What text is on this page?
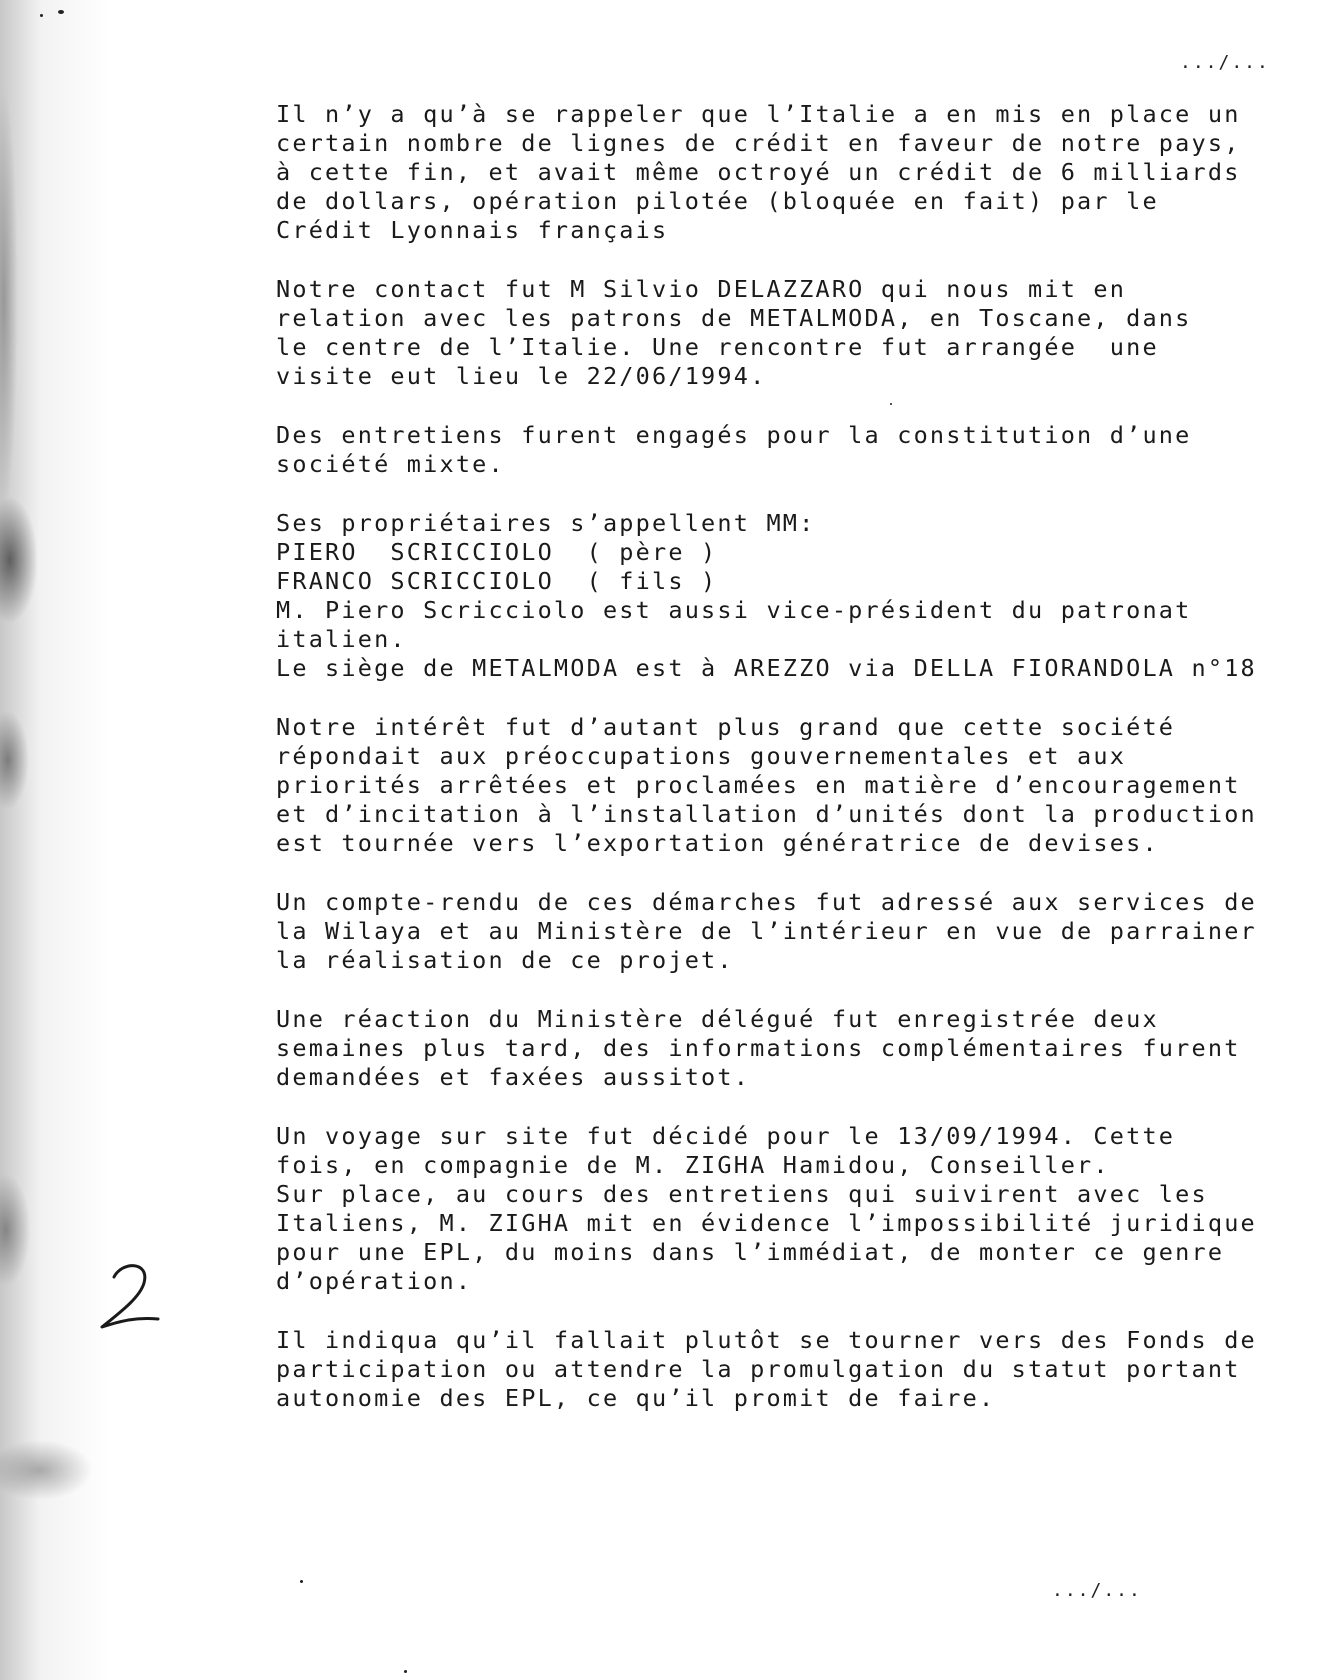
.../...
Il n’y a qu’à se rappeler que l’Italie a en mis en place un
certain nombre de lignes de crédit en faveur de notre pays,
à cette fin, et avait même octroyé un crédit de 6 milliards
de dollars, opération pilotée (bloquée en fait) par le
Crédit Lyonnais français
Notre contact fut M Silvio DELAZZARO qui nous mit en
relation avec les patrons de METALMODA, en Toscane, dans
le centre de l’Italie. Une rencontre fut arrangée  une
visite eut lieu le 22/06/1994.
Des entretiens furent engagés pour la constitution d’une
société mixte.
Ses propriétaires s’appellent MM:
PIERO  SCRICCIOLO  ( père )
FRANCO SCRICCIOLO  ( fils )
M. Piero Scricciolo est aussi vice-président du patronat
italien.
Le siège de METALMODA est à AREZZO via DELLA FIORANDOLA n°18
Notre intérêt fut d’autant plus grand que cette société
répondait aux préoccupations gouvernementales et aux
priorités arrêtées et proclamées en matière d’encouragement
et d’incitation à l’installation d’unités dont la production
est tournée vers l’exportation génératrice de devises.
Un compte-rendu de ces démarches fut adressé aux services de
la Wilaya et au Ministère de l’intérieur en vue de parrainer
la réalisation de ce projet.
Une réaction du Ministère délégué fut enregistrée deux
semaines plus tard, des informations complémentaires furent
demandées et faxées aussitot.
Un voyage sur site fut décidé pour le 13/09/1994. Cette
fois, en compagnie de M. ZIGHA Hamidou, Conseiller.
Sur place, au cours des entretiens qui suivirent avec les
Italiens, M. ZIGHA mit en évidence l’impossibilité juridique
pour une EPL, du moins dans l’immédiat, de monter ce genre
d’opération.
Il indiqua qu’il fallait plutôt se tourner vers des Fonds de
participation ou attendre la promulgation du statut portant
autonomie des EPL, ce qu’il promit de faire.
.../...
